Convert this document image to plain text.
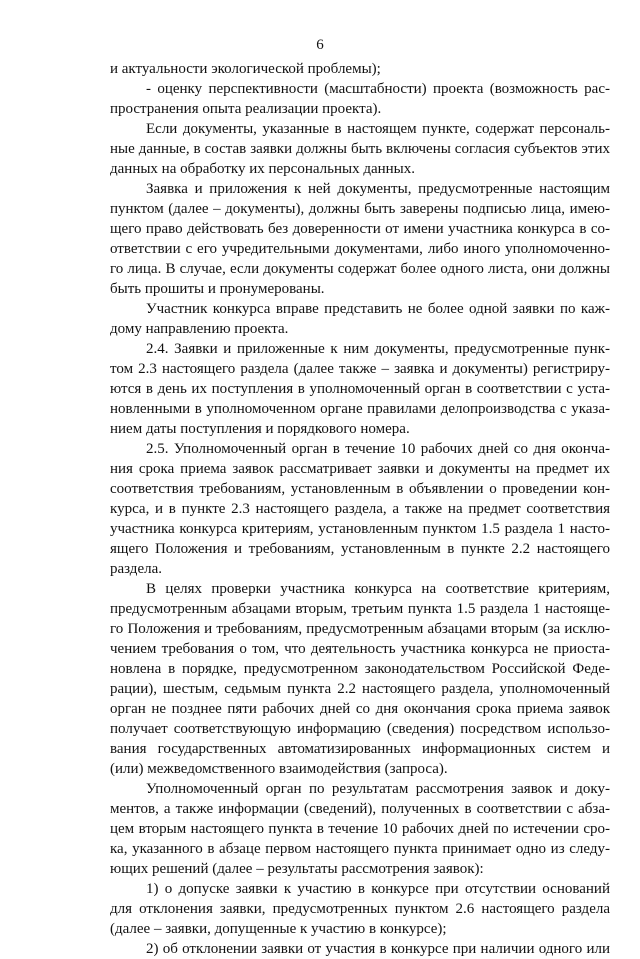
6
и актуальности экологической проблемы);
- оценку перспективности (масштабности) проекта (возможность рас-
пространения опыта реализации проекта).
Если документы, указанные в настоящем пункте, содержат персональ-
ные данные, в состав заявки должны быть включены согласия субъектов этих
данных на обработку их персональных данных.
Заявка и приложения к ней документы, предусмотренные настоящим
пунктом (далее – документы), должны быть заверены подписью лица, имею-
щего право действовать без доверенности от имени участника конкурса в со-
ответствии с его учредительными документами, либо иного уполномоченно-
го лица. В случае, если документы содержат более одного листа, они должны
быть прошиты и пронумерованы.
Участник конкурса вправе представить не более одной заявки по каж-
дому направлению проекта.
2.4. Заявки и приложенные к ним документы, предусмотренные пунк-
том 2.3 настоящего раздела (далее также – заявка и документы) регистриру-
ются в день их поступления в уполномоченный орган в соответствии с уста-
новленными в уполномоченном органе правилами делопроизводства с указа-
нием даты поступления и порядкового номера.
2.5. Уполномоченный орган в течение 10 рабочих дней со дня оконча-
ния срока приема заявок рассматривает заявки и документы на предмет их
соответствия требованиям, установленным в объявлении о проведении кон-
курса, и в пункте 2.3 настоящего раздела, а также на предмет соответствия
участника конкурса критериям, установленным пунктом 1.5 раздела 1 насто-
ящего Положения и требованиям, установленным в пункте 2.2 настоящего
раздела.
В целях проверки участника конкурса на соответствие критериям,
предусмотренным абзацами вторым, третьим пункта 1.5 раздела 1 настояще-
го Положения и требованиям, предусмотренным абзацами вторым (за исклю-
чением требования о том, что деятельность участника конкурса не приоста-
новлена в порядке, предусмотренном законодательством Российской Феде-
рации), шестым, седьмым пункта 2.2 настоящего раздела, уполномоченный
орган не позднее пяти рабочих дней со дня окончания срока приема заявок
получает соответствующую информацию (сведения) посредством использо-
вания государственных автоматизированных информационных систем и
(или) межведомственного взаимодействия (запроса).
Уполномоченный орган по результатам рассмотрения заявок и доку-
ментов, а также информации (сведений), полученных в соответствии с абза-
цем вторым настоящего пункта в течение 10 рабочих дней по истечении сро-
ка, указанного в абзаце первом настоящего пункта принимает одно из следу-
ющих решений (далее – результаты рассмотрения заявок):
1) о допуске заявки к участию в конкурсе при отсутствии оснований
для отклонения заявки, предусмотренных пунктом 2.6 настоящего раздела
(далее – заявки, допущенные к участию в конкурсе);
2) об отклонении заявки от участия в конкурсе при наличии одного или
